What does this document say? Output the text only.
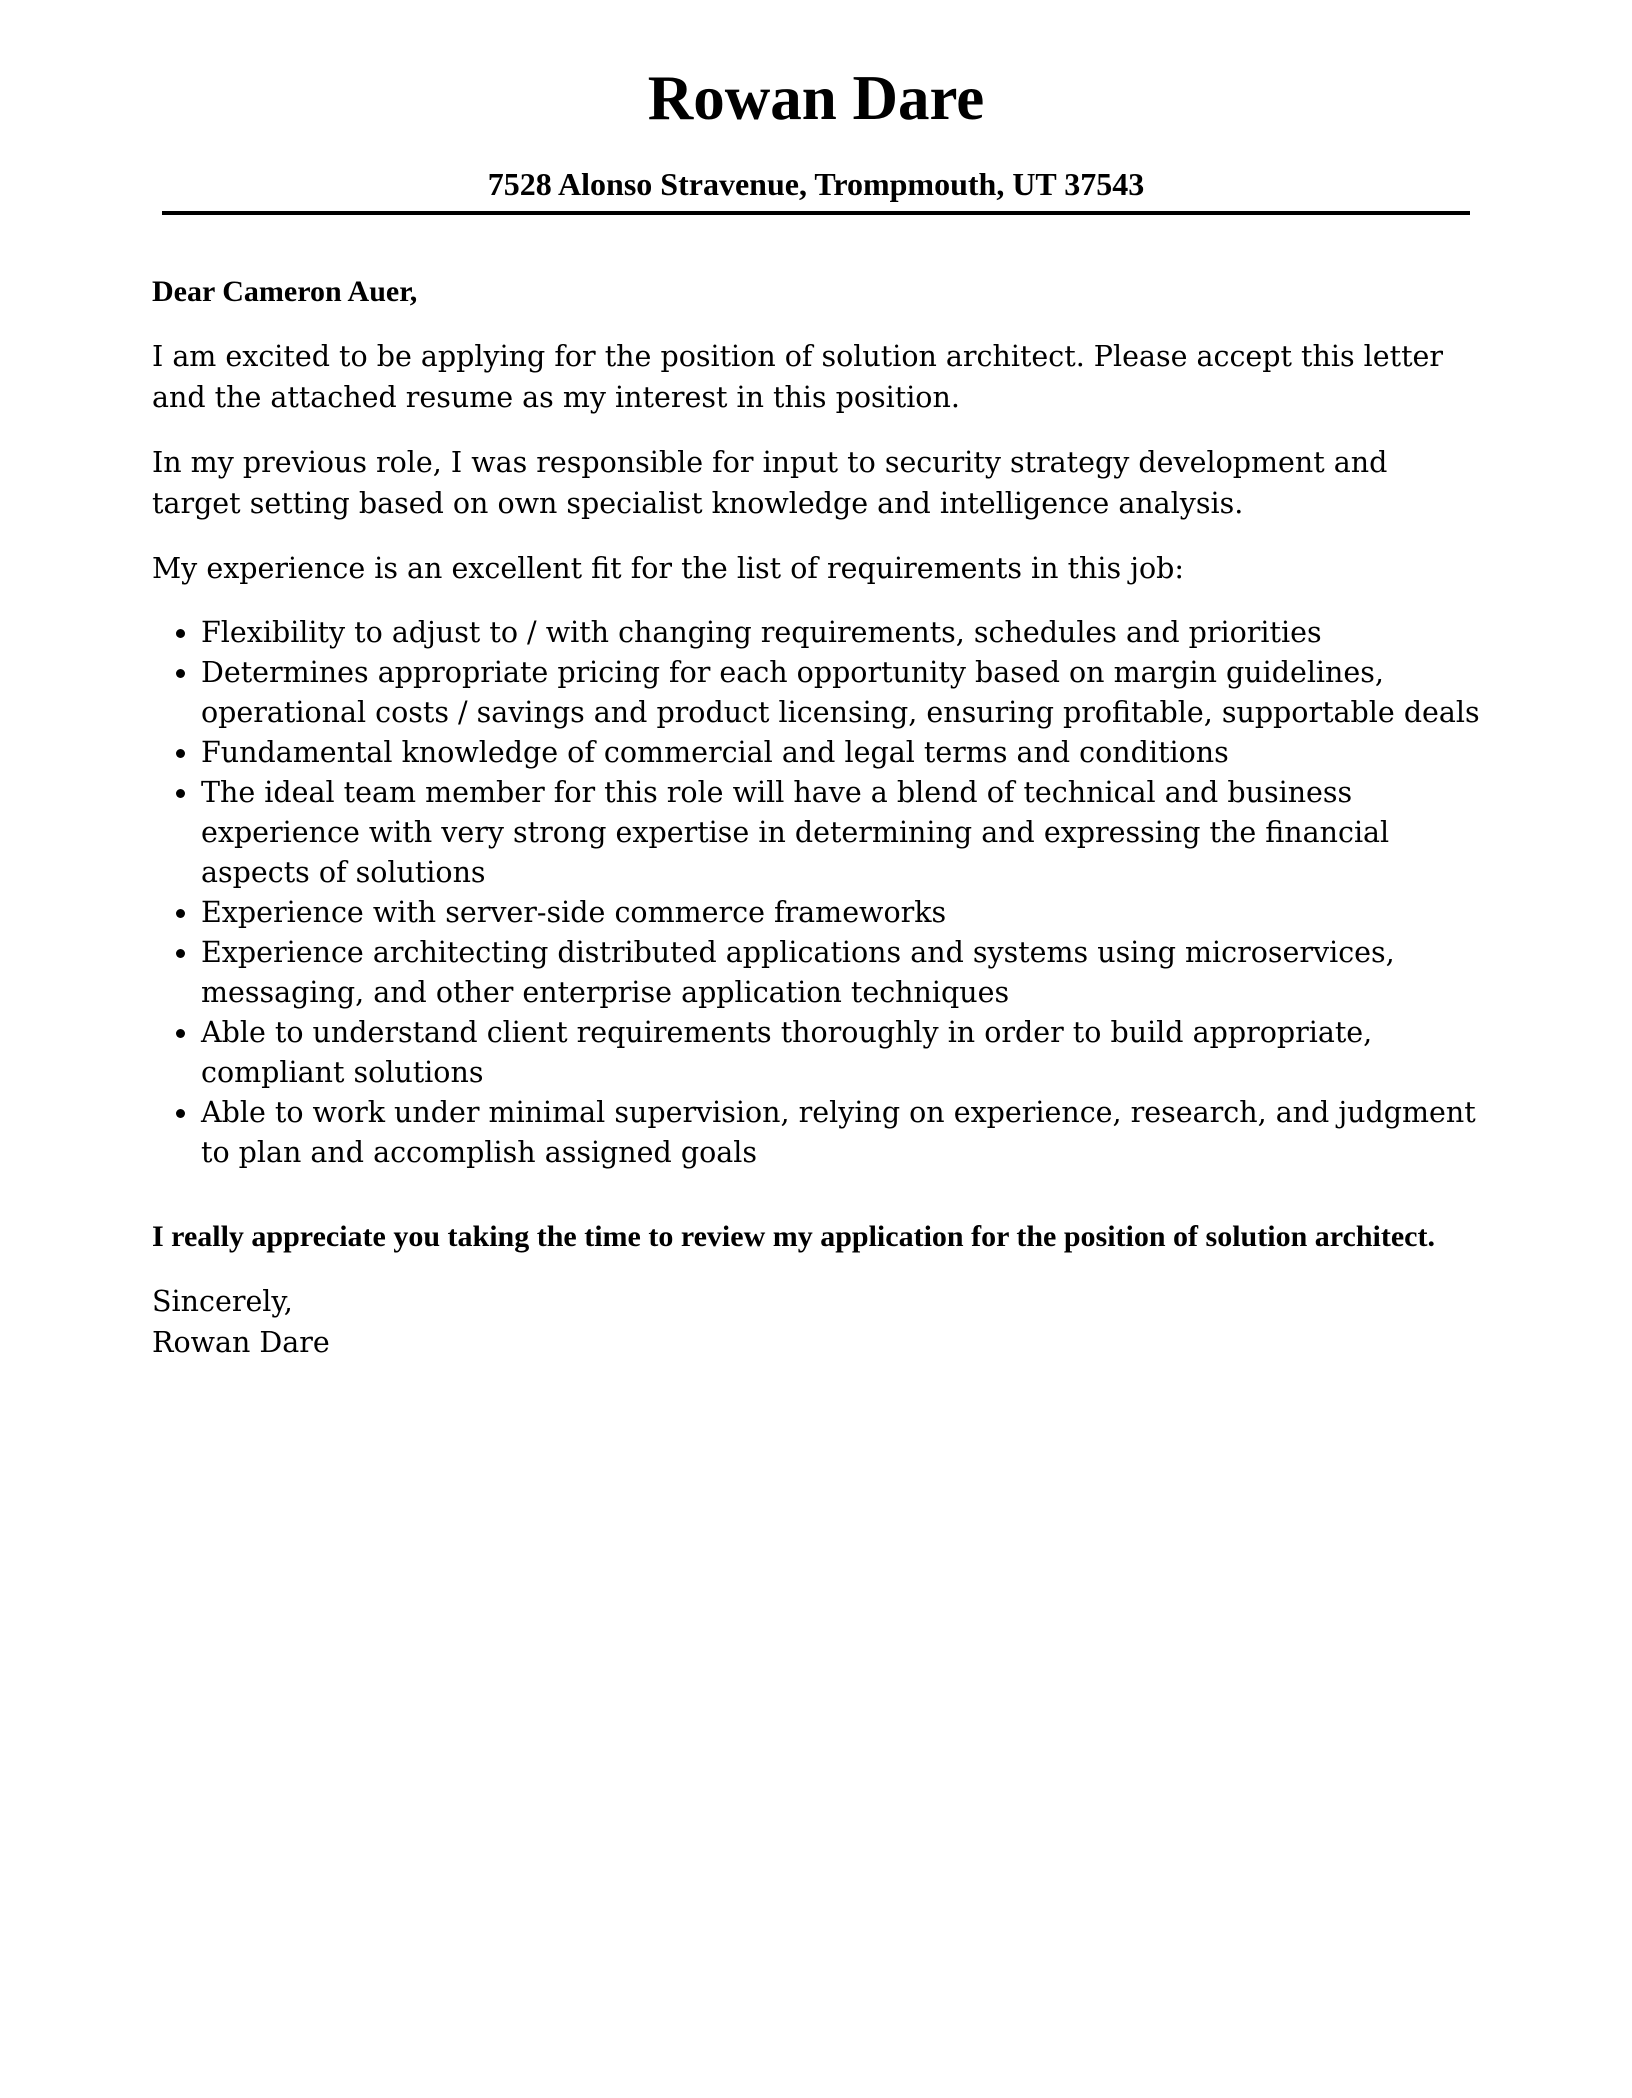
Rowan Dare
7528 Alonso Stravenue, Trompmouth, UT 37543

Dear Cameron Auer,

I am excited to be applying for the position of solution architect. Please accept this letter and the attached resume as my interest in this position.

In my previous role, I was responsible for input to security strategy development and target setting based on own specialist knowledge and intelligence analysis.

My experience is an excellent fit for the list of requirements in this job:

Flexibility to adjust to / with changing requirements, schedules and priorities
Determines appropriate pricing for each opportunity based on margin guidelines, operational costs / savings and product licensing, ensuring profitable, supportable deals
Fundamental knowledge of commercial and legal terms and conditions
The ideal team member for this role will have a blend of technical and business experience with very strong expertise in determining and expressing the financial aspects of solutions
Experience with server-side commerce frameworks
Experience architecting distributed applications and systems using microservices, messaging, and other enterprise application techniques
Able to understand client requirements thoroughly in order to build appropriate, compliant solutions
Able to work under minimal supervision, relying on experience, research, and judgment to plan and accomplish assigned goals

I really appreciate you taking the time to review my application for the position of solution architect.

Sincerely,
Rowan Dare
